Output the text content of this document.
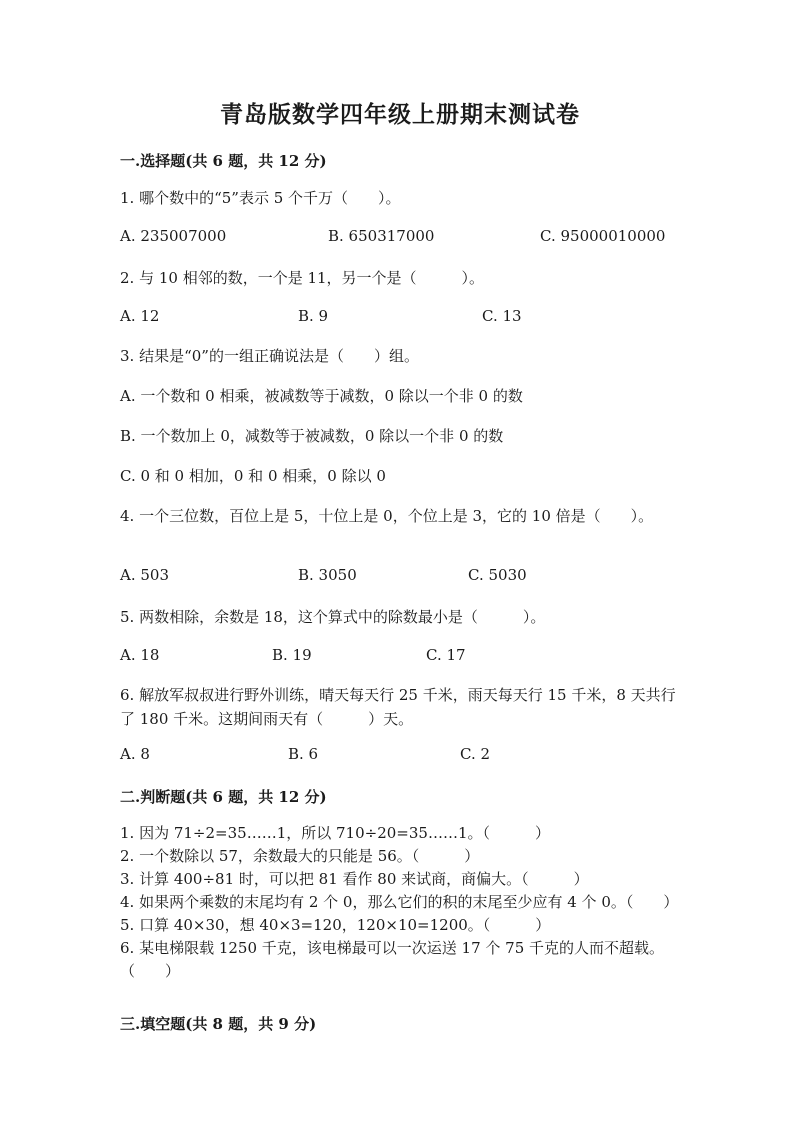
青岛版数学四年级上册期末测试卷
一.选择题(共 6 题，共 12 分)
1. 哪个数中的“5”表示 5 个千万（　　）。
A. 235007000	B. 650317000	C. 95000010000
2. 与 10 相邻的数，一个是 11，另一个是（　　　）。
A. 12	B. 9	C. 13
3. 结果是“0”的一组正确说法是（　　）组。
A. 一个数和 0 相乘，被减数等于减数，0 除以一个非 0 的数
B. 一个数加上 0，减数等于被减数，0 除以一个非 0 的数
C. 0 和 0 相加，0 和 0 相乘，0 除以 0
4. 一个三位数，百位上是 5，十位上是 0，个位上是 3，它的 10 倍是（　　）。
A. 503	B. 3050	C. 5030
5. 两数相除，余数是 18，这个算式中的除数最小是（　　　）。
A. 18	B. 19	C. 17
6. 解放军叔叔进行野外训练，晴天每天行 25 千米，雨天每天行 15 千米，8 天共行了 180 千米。这期间雨天有（　　　）天。
A. 8	B. 6	C. 2
二.判断题(共 6 题，共 12 分)
1. 因为 71÷2=35……1，所以 710÷20=35……1。（　　　）
2. 一个数除以 57，余数最大的只能是 56。（　　　）
3. 计算 400÷81 时，可以把 81 看作 80 来试商，商偏大。（　　　）
4. 如果两个乘数的末尾均有 2 个 0，那么它们的积的末尾至少应有 4 个 0。（　　）
5. 口算 40×30，想 40×3=120，120×10=1200。（　　　）
6. 某电梯限载 1250 千克，该电梯最可以一次运送 17 个 75 千克的人而不超载。（　　）
三.填空题(共 8 题，共 9 分)
